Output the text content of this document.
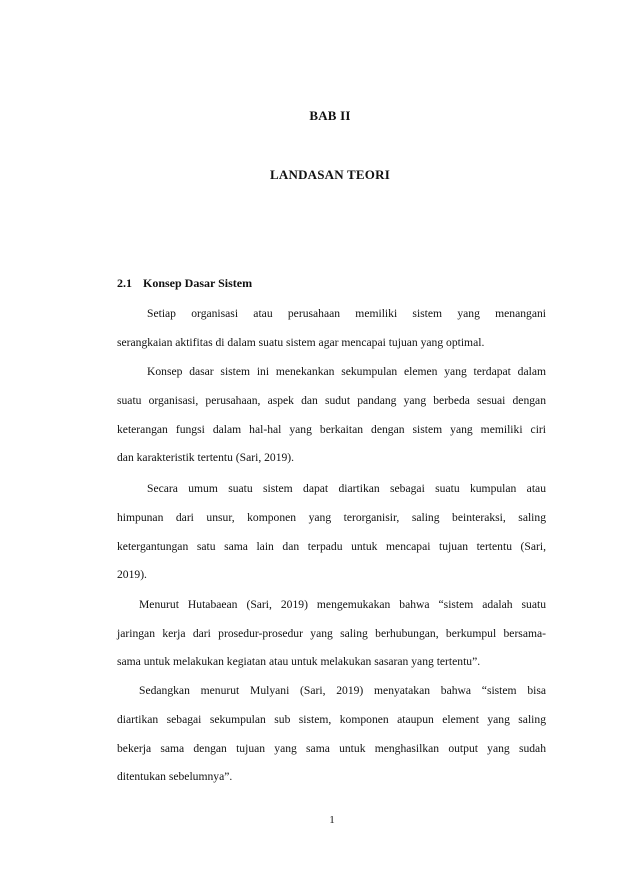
BAB II
LANDASAN TEORI
2.1 Konsep Dasar Sistem
Setiap organisasi atau perusahaan memiliki sistem yang menangani
serangkaian aktifitas di dalam suatu sistem agar mencapai tujuan yang optimal.
Konsep dasar sistem ini menekankan sekumpulan elemen yang terdapat dalam
suatu organisasi, perusahaan, aspek dan sudut pandang yang berbeda sesuai dengan
keterangan fungsi dalam hal-hal yang berkaitan dengan sistem yang memiliki ciri
dan karakteristik tertentu (Sari, 2019).
Secara umum suatu sistem dapat diartikan sebagai suatu kumpulan atau
himpunan dari unsur, komponen yang terorganisir, saling beinteraksi, saling
ketergantungan satu sama lain dan terpadu untuk mencapai tujuan tertentu (Sari,
2019).
Menurut Hutabaean (Sari, 2019) mengemukakan bahwa “sistem adalah suatu
jaringan kerja dari prosedur-prosedur yang saling berhubungan, berkumpul bersama-
sama untuk melakukan kegiatan atau untuk melakukan sasaran yang tertentu”.
Sedangkan menurut Mulyani (Sari, 2019) menyatakan bahwa “sistem bisa
diartikan sebagai sekumpulan sub sistem, komponen ataupun element yang saling
bekerja sama dengan tujuan yang sama untuk menghasilkan output yang sudah
ditentukan sebelumnya”.
1
